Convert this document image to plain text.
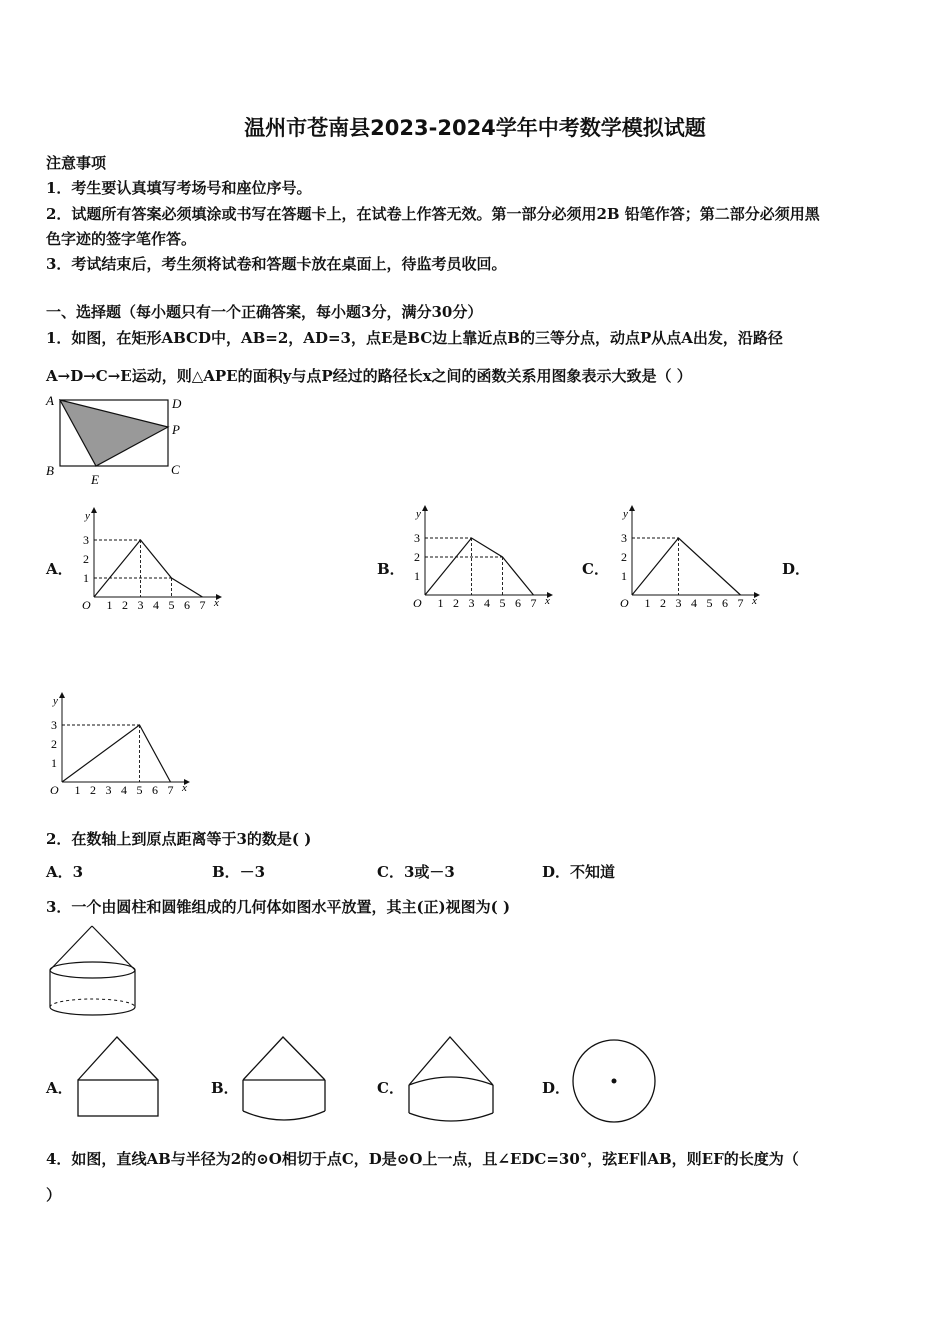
温州市苍南县2023-2024学年中考数学模拟试题
注意事项
1．考生要认真填写考场号和座位序号。
2．试题所有答案必须填涂或书写在答题卡上，在试卷上作答无效。第一部分必须用2B 铅笔作答；第二部分必须用黑
色字迹的签字笔作答。
3．考试结束后，考生须将试卷和答题卡放在桌面上，待监考员收回。
一、选择题（每小题只有一个正确答案，每小题3分，满分30分）
1．如图，在矩形ABCD中，AB=2，AD=3，点E是BC边上靠近点B的三等分点，动点P从点A出发，沿路径
A→D→C→E运动，则△APE的面积y与点P经过的路径长x之间的函数关系用图象表示大致是（ ）
A	D
P
B	C
E
A．
y
x
O
1
2
3
1 2 3 4 5 6 7
B．
y
x
O
1
2
3
1 2 3 4 5 6 7
C．
y
x
O
1
2
3
1 2 3 4 5 6 7
D．
y
x
O
1
2
3
1 2 3 4 5 6 7
2．在数轴上到原点距离等于3的数是( )
A．3	B．－3	C．3或－3	D．不知道
3．一个由圆柱和圆锥组成的几何体如图水平放置，其主(正)视图为( )
A．	B．	C．	D．
4．如图，直线AB与半径为2的⊙O相切于点C，D是⊙O上一点，且∠EDC=30°，弦EF∥AB，则EF的长度为（
）
